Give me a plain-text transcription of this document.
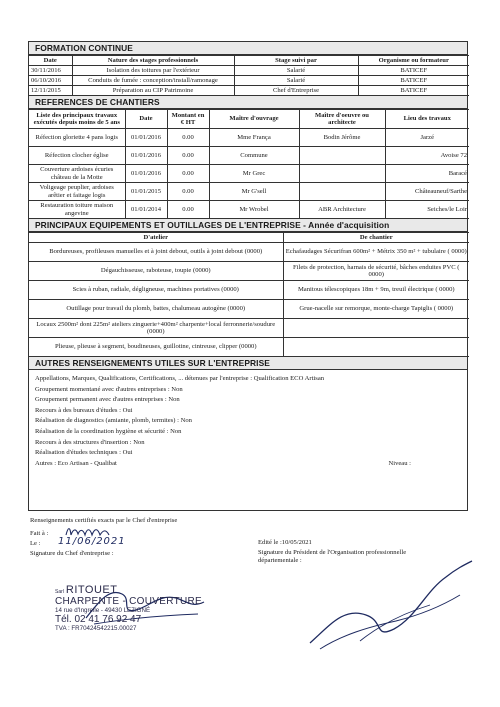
FORMATION CONTINUE
Date	Nature des stages professionnels	Stage suivi par	Organisme ou formateur
30/11/2016	Isolation des toitures par l'extérieur	Salarié	BATICEF
06/10/2016	Conduits de fumée : conception/install/ramonage	Salarié	BATICEF
12/11/2015	Préparation au CIP Patrimoine	Chef d'Entreprise	BATICEF
REFERENCES DE CHANTIERS
Liste des principaux travaux exécutés depuis moins de 5 ans	Date	Montant en € HT	Maître d'ouvrage	Maître d'oeuvre ou architecte	Lieu des travaux
Réfection gloriette 4 pans logis	01/01/2016	0.00	Mme França	Bodin Jérôme	Jarzé
Réfection clocher église	01/01/2016	0.00	Commune		Avoise 72
Couverture ardoises écuries château de la Motte	01/01/2016	0.00	Mr Grec		Baracé
Voligeage peuplier, ardoises arêtier et faitage logis	01/01/2015	0.00	Mr G'sell		Châteauneuf/Sarthe
Restauration toiture maison angevine	01/01/2014	0.00	Mr Wrobel	ABR Architecture	Seiches/le Loir
PRINCIPAUX EQUIPEMENTS ET OUTILLAGES DE L'ENTREPRISE - Année d'acquisition
D'atelier	De chantier
Bordureuses, profileuses manuelles et à joint debout, outils à joint debout (0000)	Echafaudages Sécurifran 600m² + Métrix 350 m² + tubulaire ( 0000)
Dégauchisseuse, raboteuse, toupie (0000)	Filets de protection, harnais de sécurité, bâches enduites PVC ( 0000)
Scies à ruban, radiale, dégligneuse, machines portatives (0000)	Manitous télescopiques 18m + 9m, treuil électrique ( 0000)
Outillage pour travail du plomb, battes, chalumeau autogène (0000)	Grue-nacelle sur remorque, monte-charge Tapiglis ( 0000)
Locaux 2500m² dont 225m² ateliers zinguerie+400m² charpente+local ferronnerie/soudure (0000)	
Plieuse, plieuse à segment, boudineuses, guillotine, cintreuse, clipper (0000)	
AUTRES RENSEIGNEMENTS UTILES SUR L'ENTREPRISE
Appellations, Marques, Qualifications, Certifications, ... détenues par l'entreprise : Qualification ECO Artisan
Groupement momentané avec d'autres entreprises : Non
Groupement permanent avec d'autres entreprises : Non
Recours à des bureaux d'études : Oui
Réalisation de diagnostics (amiante, plomb, termites) : Non
Réalisation de la coordination hygiène et sécurité : Non
Recours à des structures d'insertion : Non
Réalisation d'études techniques : Oui
Autres : Eco Artisan - Qualibat	Niveau :
Renseignements certifiés exacts par le Chef d'entreprise
Fait à :
Le :
Signature du Chef d'entreprise :
Edité le :10/05/2021
Signature du Président de l'Organisation professionnelle départementale :
11/06/2021
Sarl RITOUET
CHARPENTE - COUVERTURE
14 rue d'Ingrelle - 49430 LEZIGNÉ
Tél. 02 41 76 92 47
TVA : FR70424542215.00027
